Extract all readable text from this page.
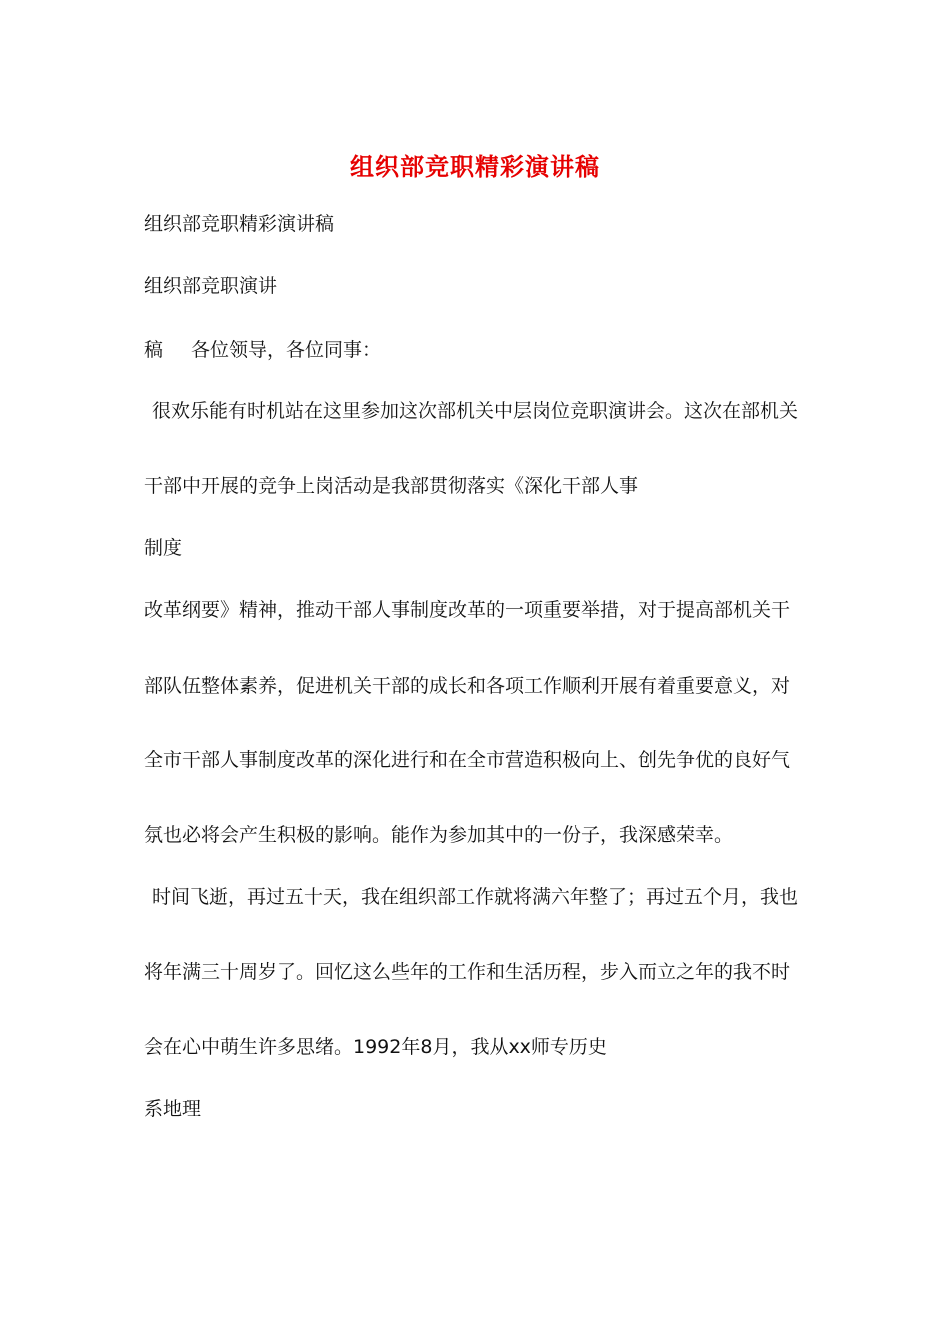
组织部竞职精彩演讲稿
组织部竞职精彩演讲稿
组织部竞职演讲
稿 各位领导，各位同事：
很欢乐能有时机站在这里参加这次部机关中层岗位竞职演讲会。这次在部机关
干部中开展的竞争上岗活动是我部贯彻落实《深化干部人事
制度
改革纲要》精神，推动干部人事制度改革的一项重要举措，对于提高部机关干
部队伍整体素养，促进机关干部的成长和各项工作顺利开展有着重要意义，对
全市干部人事制度改革的深化进行和在全市营造积极向上、创先争优的良好气
氛也必将会产生积极的影响。能作为参加其中的一份子，我深感荣幸。
时间飞逝，再过五十天，我在组织部工作就将满六年整了；再过五个月，我也
将年满三十周岁了。回忆这么些年的工作和生活历程，步入而立之年的我不时
会在心中萌生许多思绪。1992年8月，我从xx师专历史
系地理
